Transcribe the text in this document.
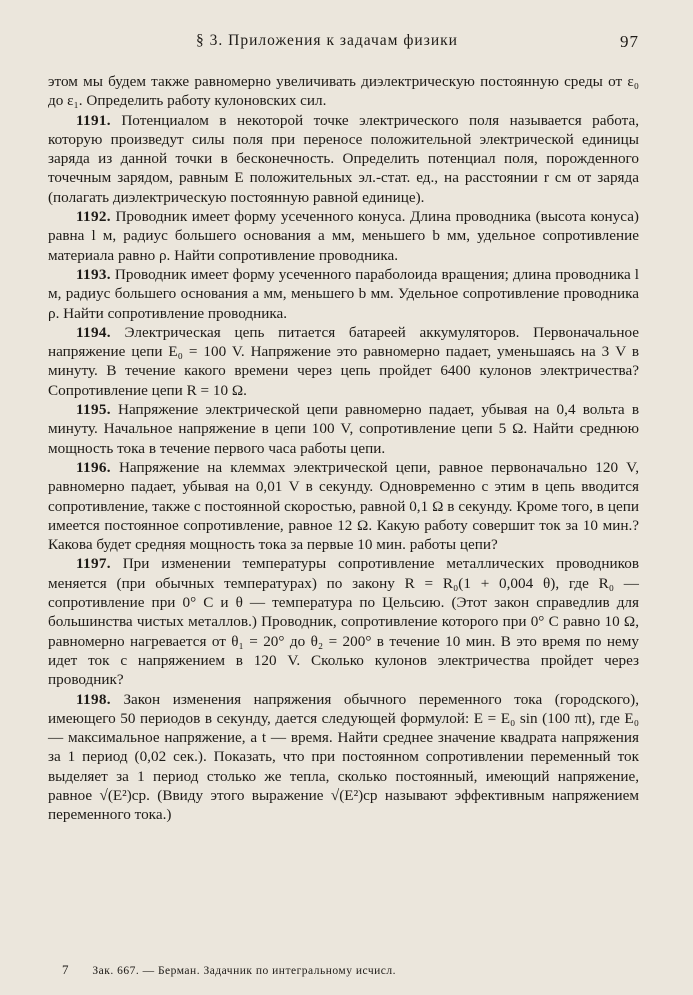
§ 3. Приложения к задачам физики	97

этом мы будем также равномерно увеличивать диэлектрическую постоянную среды от ε₀ до ε₁. Определить работу кулоновских сил.

1191. Потенциалом в некоторой точке электрического поля называется работа, которую произведут силы поля при переносе положительной электрической единицы заряда из данной точки в бесконечность. Определить потенциал поля, порожденного точечным зарядом, равным E положительных эл.-стат. ед., на расстоянии r см от заряда (полагать диэлектрическую постоянную равной единице).

1192. Проводник имеет форму усеченного конуса. Длина проводника (высота конуса) равна l м, радиус большего основания a мм, меньшего b мм, удельное сопротивление материала равно ρ. Найти сопротивление проводника.

1193. Проводник имеет форму усеченного параболоида вращения; длина проводника l м, радиус большего основания a мм, меньшего b мм. Удельное сопротивление проводника ρ. Найти сопротивление проводника.

1194. Электрическая цепь питается батареей аккумуляторов. Первоначальное напряжение цепи E₀ = 100 V. Напряжение это равномерно падает, уменьшаясь на 3 V в минуту. В течение какого времени через цепь пройдет 6400 кулонов электричества? Сопротивление цепи R = 10 Ω.

1195. Напряжение электрической цепи равномерно падает, убывая на 0,4 вольта в минуту. Начальное напряжение в цепи 100 V, сопротивление цепи 5 Ω. Найти среднюю мощность тока в течение первого часа работы цепи.

1196. Напряжение на клеммах электрической цепи, равное первоначально 120 V, равномерно падает, убывая на 0,01 V в секунду. Одновременно с этим в цепь вводится сопротивление, также с постоянной скоростью, равной 0,1 Ω в секунду. Кроме того, в цепи имеется постоянное сопротивление, равное 12 Ω. Какую работу совершит ток за 10 мин.? Какова будет средняя мощность тока за первые 10 мин. работы цепи?

1197. При изменении температуры сопротивление металлических проводников меняется (при обычных температурах) по закону R = R₀(1 + 0,004 θ), где R₀ — сопротивление при 0° C и θ — температура по Цельсию. (Этот закон справедлив для большинства чистых металлов.) Проводник, сопротивление которого при 0° C равно 10 Ω, равномерно нагревается от θ₁ = 20° до θ₂ = 200° в течение 10 мин. В это время по нему идет ток с напряжением в 120 V. Сколько кулонов электричества пройдет через проводник?

1198. Закон изменения напряжения обычного переменного тока (городского), имеющего 50 периодов в секунду, дается следующей формулой: E = E₀ sin (100 πt), где E₀ — максимальное напряжение, a t — время. Найти среднее значение квадрата напряжения за 1 период (0,02 сек.). Показать, что при постоянном сопротивлении переменный ток выделяет за 1 период столько же тепла, сколько постоянный, имеющий напряжение, равное √(E²)ср. (Ввиду этого выражение √(E²)ср называют эффективным напряжением переменного тока.)

7 Зак. 667. — Берман. Задачник по интегральному исчисл.
